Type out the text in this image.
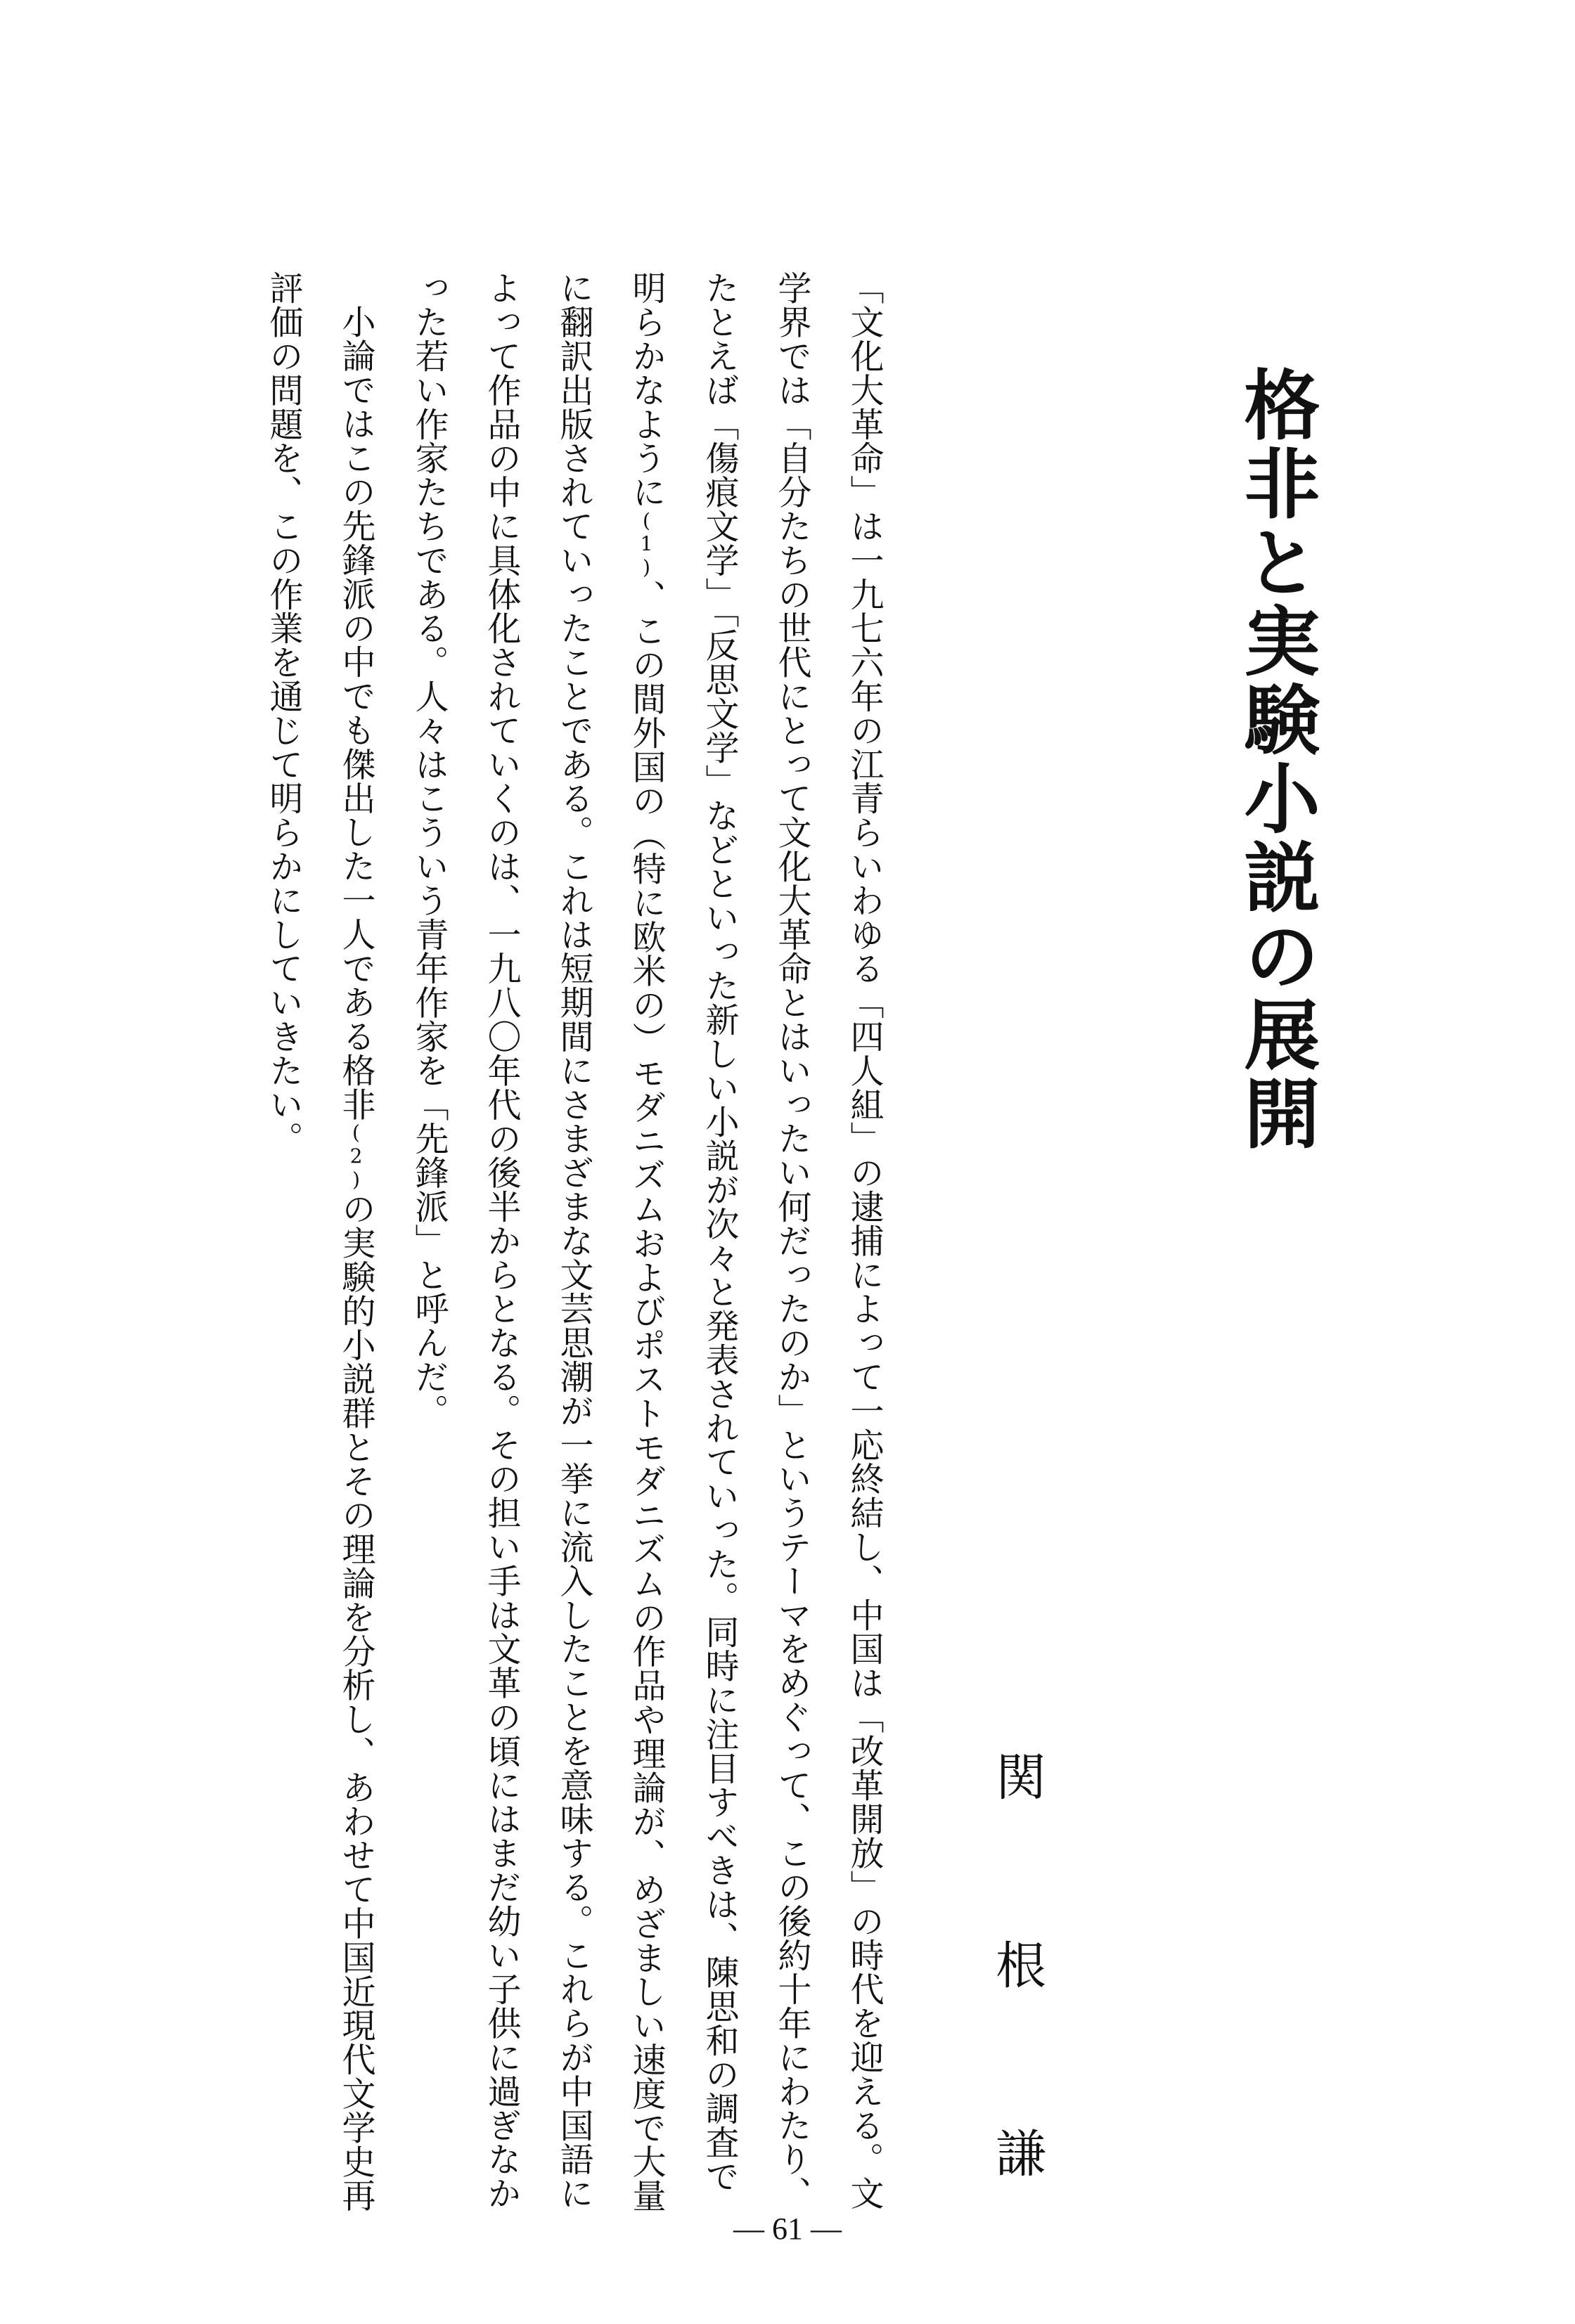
格非と実験小説の展開
関　根　謙

「文化大革命」は一九七六年の江青らいわゆる「四人組」の逮捕によって一応終結し、中国は「改革開放」の時代を迎える。文学界では「自分たちの世代にとって文化大革命とはいったい何だったのか」というテーマをめぐって、この後約十年にわたり、たとえば「傷痕文学」「反思文学」などといった新しい小説が次々と発表されていった。同時に注目すべきは、陳思和の調査で明らかなように(1)、この間外国の（特に欧米の）モダニズムおよびポストモダニズムの作品や理論が、めざましい速度で大量に翻訳出版されていったことである。これは短期間にさまざまな文芸思潮が一挙に流入したことを意味する。これらが中国語によって作品の中に具体化されていくのは、一九八〇年代の後半からとなる。その担い手は文革の頃にはまだ幼い子供に過ぎなかった若い作家たちである。人々はこういう青年作家を「先鋒派」と呼んだ。

小論ではこの先鋒派の中でも傑出した一人である格非(2)の実験的小説群とその理論を分析し、あわせて中国近現代文学史再評価の問題を、この作業を通じて明らかにしていきたい。

— 61 —
